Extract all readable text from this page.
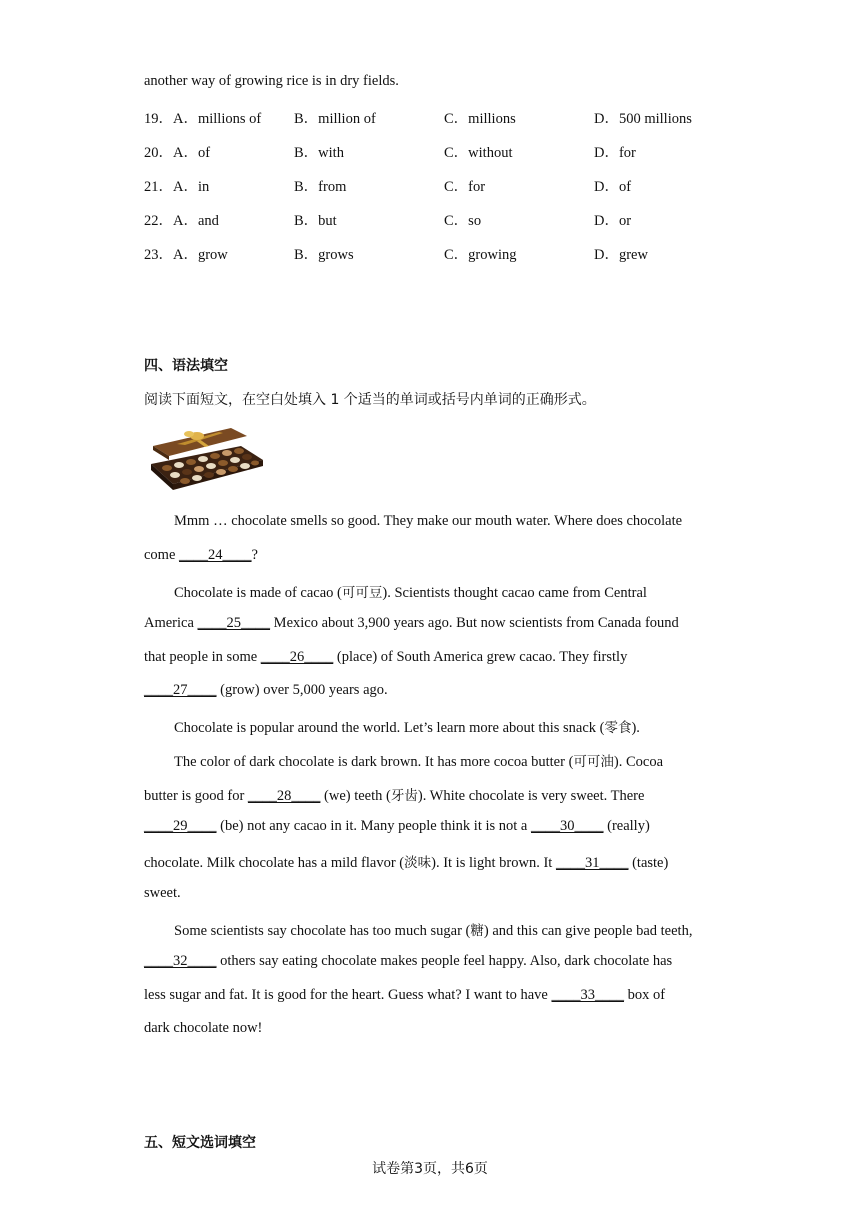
another way of growing rice is in dry fields.
19．A．millions of B．million of	C．millions	D．500 millions
20．A．of	B．with	C．without	D．for
21．A．in	B．from	C．for	D．of
22．A．and	B．but	C．so	D．or
23．A．grow	B．grows	C．growing	D．grew
四、语法填空
阅读下面短文，在空白处填入 1 个适当的单词或括号内单词的正确形式。
Mmm … chocolate smells so good. They make our mouth water. Where does chocolate
come ____24____?
Chocolate is made of cacao (可可豆). Scientists thought cacao came from Central
America ____25____ Mexico about 3,900 years ago. But now scientists from Canada found
that people in some ____26____ (place) of South America grew cacao. They firstly
____27____ (grow) over 5,000 years ago.
Chocolate is popular around the world. Let’s learn more about this snack (零食).
The color of dark chocolate is dark brown. It has more cocoa butter (可可油). Cocoa
butter is good for ____28____ (we) teeth (牙齿). White chocolate is very sweet. There
____29____ (be) not any cacao in it. Many people think it is not a ____30____ (really)
chocolate. Milk chocolate has a mild flavor (淡味). It is light brown. It ____31____ (taste)
sweet.
Some scientists say chocolate has too much sugar (糖) and this can give people bad teeth,
____32____ others say eating chocolate makes people feel happy. Also, dark chocolate has
less sugar and fat. It is good for the heart. Guess what? I want to have ____33____ box of
dark chocolate now!
五、短文选词填空
试卷第3页，共6页
